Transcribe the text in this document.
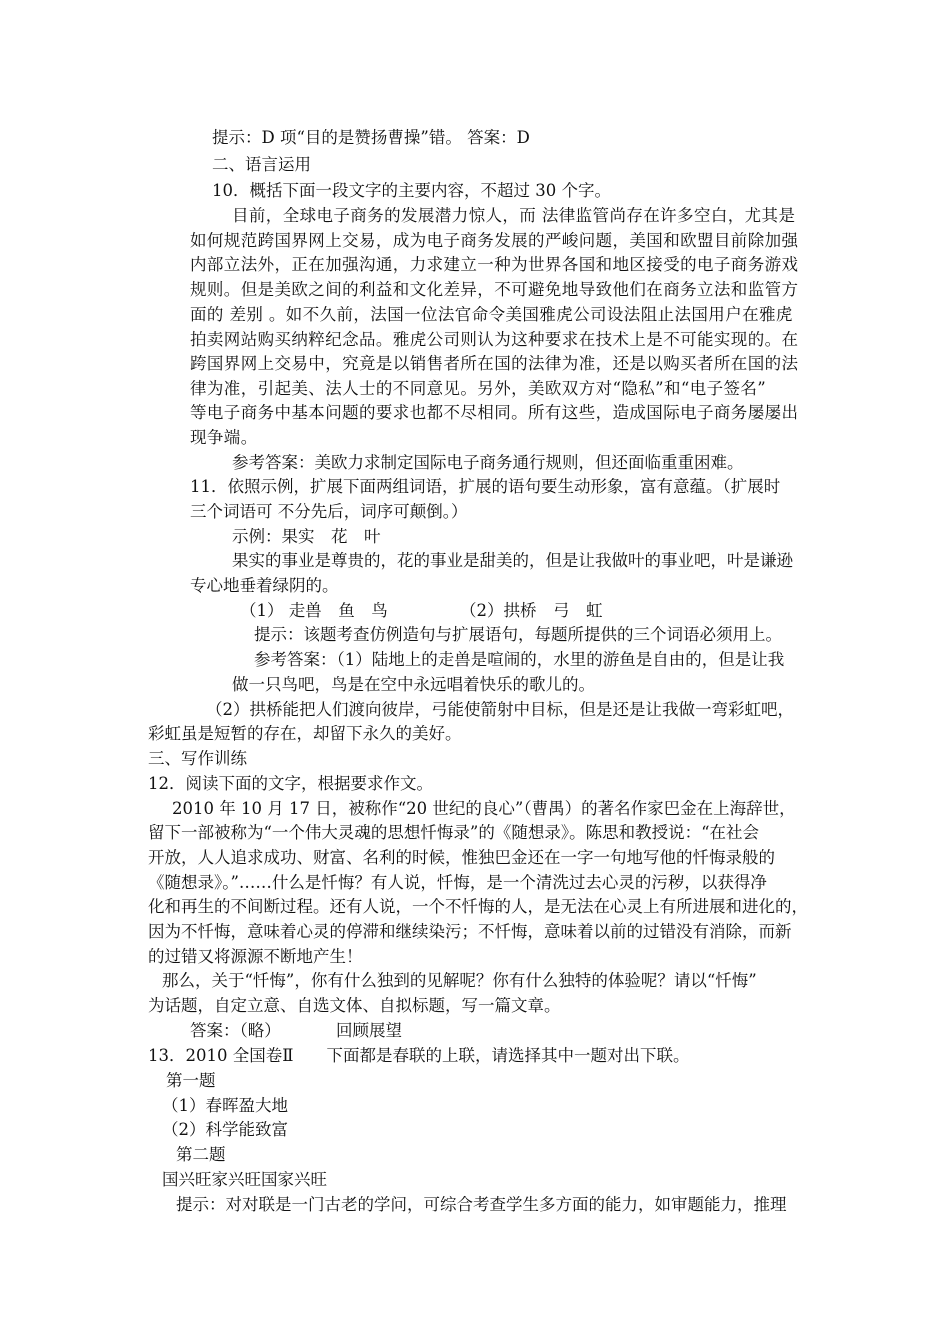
提示：D 项“目的是赞扬曹操”错。 答案：D
二、语言运用
10．概括下面一段文字的主要内容，不超过 30 个字。
目前，全球电子商务的发展潜力惊人，而 法律监管尚存在许多空白，尤其是
如何规范跨国界网上交易，成为电子商务发展的严峻问题，美国和欧盟目前除加强
内部立法外，正在加强沟通，力求建立一种为世界各国和地区接受的电子商务游戏
规则。但是美欧之间的利益和文化差异，不可避免地导致他们在商务立法和监管方
面的 差别 。如不久前，法国一位法官命令美国雅虎公司设法阻止法国用户在雅虎
拍卖网站购买纳粹纪念品。雅虎公司则认为这种要求在技术上是不可能实现的。在
跨国界网上交易中，究竟是以销售者所在国的法律为准，还是以购买者所在国的法
律为准，引起美、法人士的不同意见。另外，美欧双方对“隐私”和“电子签名”
等电子商务中基本问题的要求也都不尽相同。所有这些，造成国际电子商务屡屡出
现争端。
参考答案：美欧力求制定国际电子商务通行规则，但还面临重重困难。
11．依照示例，扩展下面两组词语，扩展的语句要生动形象，富有意蕴。（扩展时
三个词语可 不分先后，词序可颠倒。）
示例：果实　花　叶
果实的事业是尊贵的，花的事业是甜美的，但是让我做叶的事业吧，叶是谦逊
专心地垂着绿阴的。
（1） 走兽　鱼　鸟	（2）拱桥　弓　虹
提示：该题考查仿例造句与扩展语句，每题所提供的三个词语必须用上。
参考答案：（1）陆地上的走兽是喧闹的，水里的游鱼是自由的，但是让我
做一只鸟吧，鸟是在空中永远唱着快乐的歌儿的。
（2）拱桥能把人们渡向彼岸，弓能使箭射中目标，但是还是让我做一弯彩虹吧，
彩虹虽是短暂的存在，却留下永久的美好。
三、写作训练
12．阅读下面的文字，根据要求作文。
2010 年 10 月 17 日，被称作“20 世纪的良心”（曹禺）的著名作家巴金在上海辞世，
留下一部被称为“一个伟大灵魂的思想忏悔录”的《随想录》。陈思和教授说：“在社会
开放，人人追求成功、财富、名利的时候，惟独巴金还在一字一句地写他的忏悔录般的
《随想录》。”……什么是忏悔？有人说，忏悔，是一个清洗过去心灵的污秽，以获得净
化和再生的不间断过程。还有人说，一个不忏悔的人，是无法在心灵上有所进展和进化的，
因为不忏悔，意味着心灵的停滞和继续染污；不忏悔，意味着以前的过错没有消除，而新
的过错又将源源不断地产生！
那么，关于“忏悔”，你有什么独到的见解呢？你有什么独特的体验呢？请以“忏悔”
为话题，自定立意、自选文体、自拟标题，写一篇文章。
答案：（略）	回顾展望
13．2010 全国卷Ⅱ　　下面都是春联的上联，请选择其中一题对出下联。
第一题
（1）春晖盈大地
（2）科学能致富
第二题
国兴旺家兴旺国家兴旺
提示：对对联是一门古老的学问，可综合考查学生多方面的能力，如审题能力，推理
